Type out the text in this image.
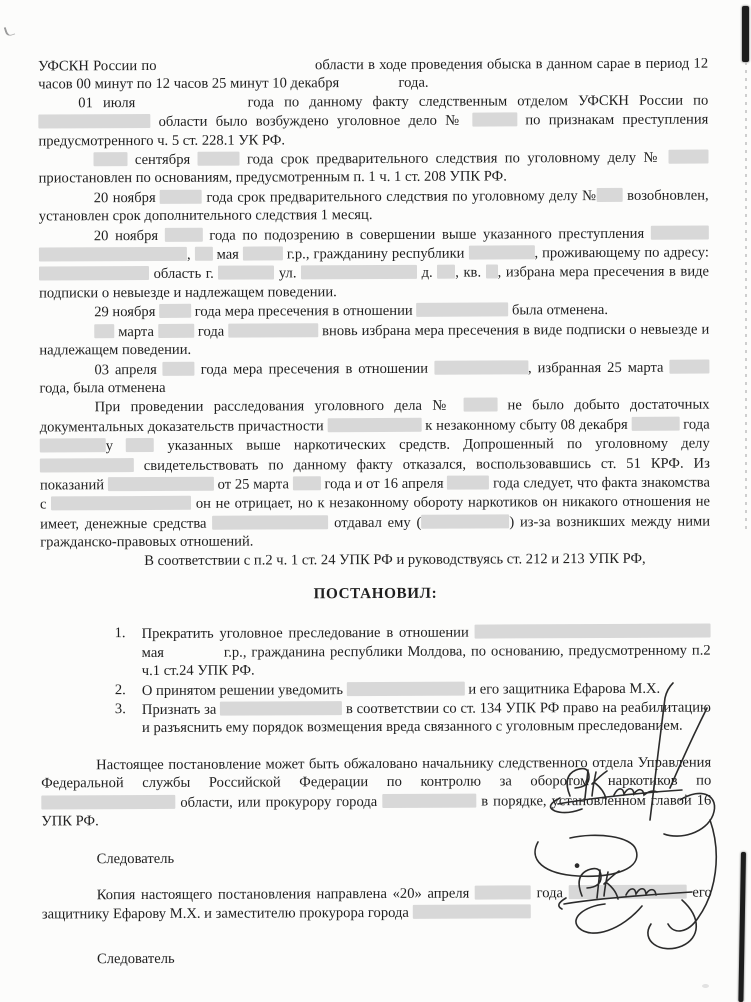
УФСКН России по	области в ходе проведения обыска в данном сарае в период 12 часов 00 минут по 12 часов 25 минут 10 декабря	года.

01 июля	года по данному факту следственным отделом УФСКН России по  области было возбуждено уголовное дело №	по признакам преступления предусмотренного ч. 5 ст. 228.1 УК РФ.

сентября	года срок предварительного следствия по уголовному делу №  приостановлен по основаниям, предусмотренным п. 1 ч. 1 ст. 208 УПК РФ.

20 ноября	года срок предварительного следствия по уголовному делу № возобновлен, установлен срок дополнительного следствия 1 месяц.

20 ноября	года по подозрению в совершении выше указанного преступления  ,  мая	г.р., гражданину республики	, проживающему по адресу:  область г.	ул.	д. , кв. , избрана мера пресечения в виде подписки о невыезде и надлежащем поведении.

29 ноября  года мера пресечения в отношении	была отменена.

марта  года	вновь избрана мера пресечения в виде подписки о невыезде и надлежащем поведении.

03 апреля  года мера пресечения в отношении	, избранная 25 марта  года, была отменена

При проведении расследования уголовного дела №  не было добыто достаточных документальных доказательств причастности	к незаконному сбыту 08 декабря	года у  указанных выше наркотических средств. Допрошенный по уголовному делу  свидетельствовать по данному факту отказался, воспользовавшись ст. 51 КРФ. Из показаний	от 25 марта  года и от 16 апреля	года следует, что факта знакомства с	он не отрицает, но к незаконному обороту наркотиков он никакого отношения не имеет, денежные средства	отдавал ему (	) из-за возникших между ними гражданско-правовых отношений.

В соответствии с п.2 ч. 1 ст. 24 УПК РФ и руководствуясь ст. 212 и 213 УПК РФ,

ПОСТАНОВИЛ:
1. Прекратить уголовное преследование в отношении  мая	г.р., гражданина республики Молдова, по основанию, предусмотренному п.2 ч.1 ст.24 УПК РФ.
2. О принятом решении уведомить	и его защитника Ефарова М.Х.
3. Признать за	в соответствии со ст. 134 УПК РФ право на реабилитацию и разъяснить ему порядок возмещения вреда связанного с уголовным преследованием.

Настоящее постановление может быть обжаловано начальнику следственного отдела Управления Федеральной службы Российской Федерации по контролю за оборотом наркотиков по  области, или прокурору города	в порядке, установленном главой 16 УПК РФ.

Следователь

Копия настоящего постановления направлена «20» апреля	года	его защитнику Ефарову М.Х. и заместителю прокурора города

Следователь
